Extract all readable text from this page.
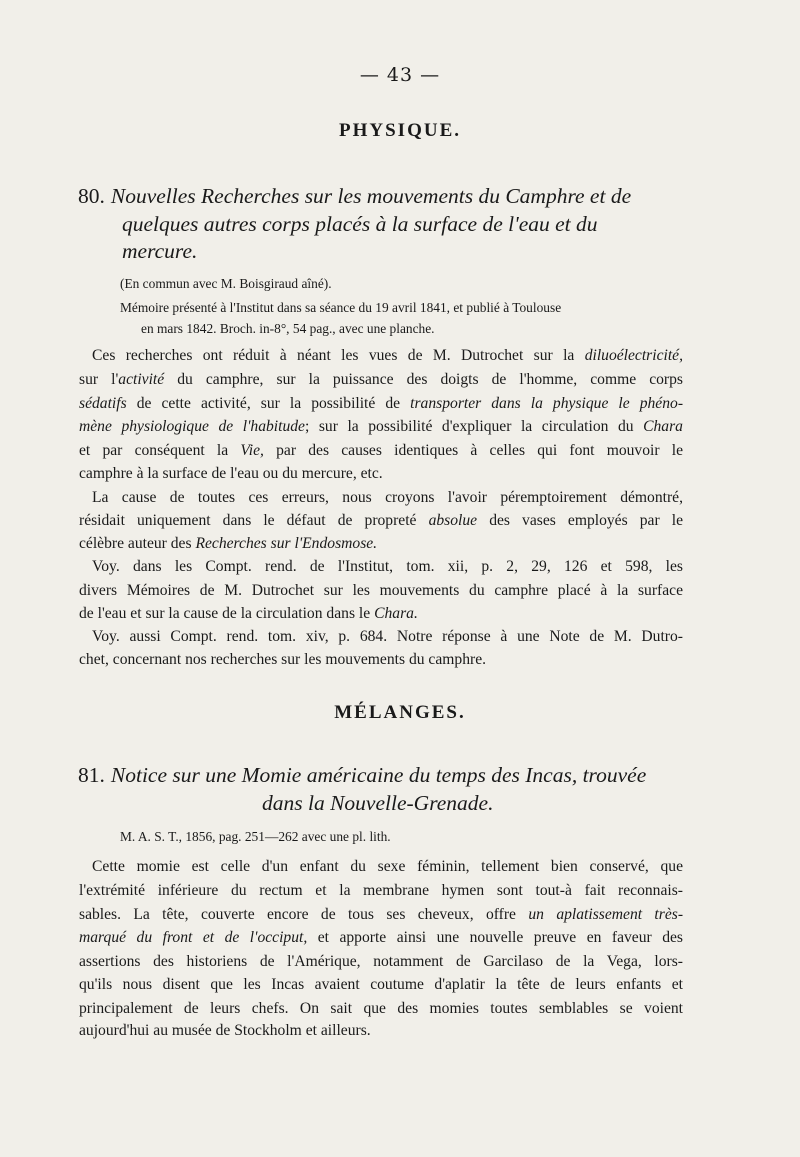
— 43 —
PHYSIQUE.
80. Nouvelles Recherches sur les mouvements du Camphre et de
quelques autres corps placés à la surface de l'eau et du
mercure.
(En commun avec M. Boisgiraud aîné).
Mémoire présenté à l'Institut dans sa séance du 19 avril 1841, et publié à Toulouse
en mars 1842. Broch. in-8°, 54 pag., avec une planche.
Ces recherches ont réduit à néant les vues de M. Dutrochet sur la diluoélectricité,
sur l'activité du camphre, sur la puissance des doigts de l'homme, comme corps
sédatifs de cette activité, sur la possibilité de transporter dans la physique le phéno-
mène physiologique de l'habitude; sur la possibilité d'expliquer la circulation du Chara
et par conséquent la Vie, par des causes identiques à celles qui font mouvoir le
camphre à la surface de l'eau ou du mercure, etc.
La cause de toutes ces erreurs, nous croyons l'avoir péremptoirement démontré,
résidait uniquement dans le défaut de propreté absolue des vases employés par le
célèbre auteur des Recherches sur l'Endosmose.
Voy. dans les Compt. rend. de l'Institut, tom. xii, p. 2, 29, 126 et 598, les
divers Mémoires de M. Dutrochet sur les mouvements du camphre placé à la surface
de l'eau et sur la cause de la circulation dans le Chara.
Voy. aussi Compt. rend. tom. xiv, p. 684. Notre réponse à une Note de M. Dutro-
chet, concernant nos recherches sur les mouvements du camphre.
MÉLANGES.
81. Notice sur une Momie américaine du temps des Incas, trouvée
dans la Nouvelle-Grenade.
M. A. S. T., 1856, pag. 251—262 avec une pl. lith.
Cette momie est celle d'un enfant du sexe féminin, tellement bien conservé, que
l'extrémité inférieure du rectum et la membrane hymen sont tout-à fait reconnais-
sables. La tête, couverte encore de tous ses cheveux, offre un aplatissement très-
marqué du front et de l'occiput, et apporte ainsi une nouvelle preuve en faveur des
assertions des historiens de l'Amérique, notamment de Garcilaso de la Vega, lors-
qu'ils nous disent que les Incas avaient coutume d'aplatir la tête de leurs enfants et
principalement de leurs chefs. On sait que des momies toutes semblables se voient
aujourd'hui au musée de Stockholm et ailleurs.
